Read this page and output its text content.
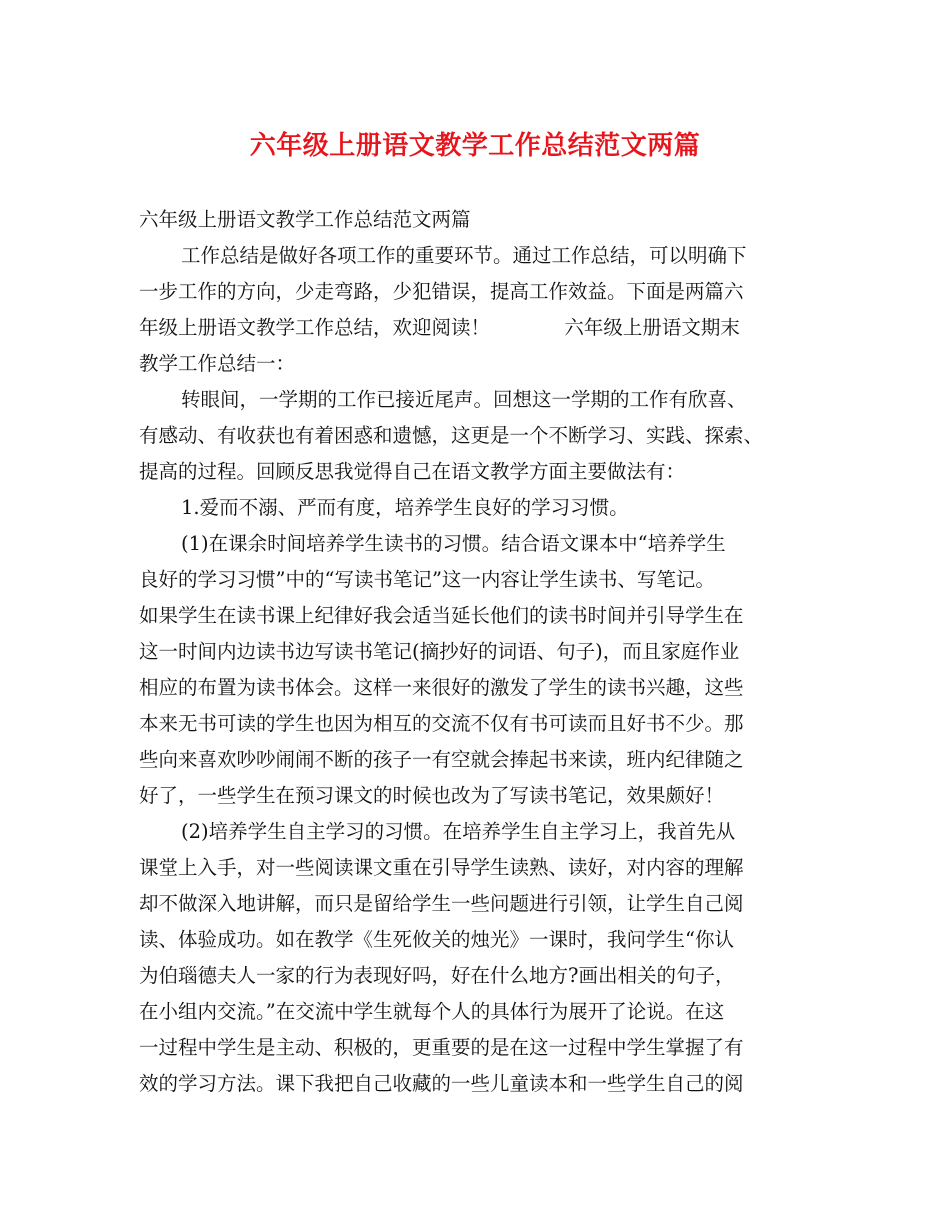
六年级上册语文教学工作总结范文两篇
六年级上册语文教学工作总结范文两篇
工作总结是做好各项工作的重要环节。通过工作总结，可以明确下
一步工作的方向，少走弯路，少犯错误，提高工作效益。下面是两篇六
年级上册语文教学工作总结，欢迎阅读！            六年级上册语文期末
教学工作总结一：
转眼间，一学期的工作已接近尾声。回想这一学期的工作有欣喜、
有感动、有收获也有着困惑和遗憾，这更是一个不断学习、实践、探索、
提高的过程。回顾反思我觉得自己在语文教学方面主要做法有：
1.爱而不溺、严而有度，培养学生良好的学习习惯。
(1)在课余时间培养学生读书的习惯。结合语文课本中“培养学生
良好的学习习惯”中的“写读书笔记”这一内容让学生读书、写笔记。
如果学生在读书课上纪律好我会适当延长他们的读书时间并引导学生在
这一时间内边读书边写读书笔记(摘抄好的词语、句子)，而且家庭作业
相应的布置为读书体会。这样一来很好的激发了学生的读书兴趣，这些
本来无书可读的学生也因为相互的交流不仅有书可读而且好书不少。那
些向来喜欢吵吵闹闹不断的孩子一有空就会捧起书来读，班内纪律随之
好了，一些学生在预习课文的时候也改为了写读书笔记，效果颇好！
(2)培养学生自主学习的习惯。在培养学生自主学习上，我首先从
课堂上入手，对一些阅读课文重在引导学生读熟、读好，对内容的理解
却不做深入地讲解，而只是留给学生一些问题进行引领，让学生自己阅
读、体验成功。如在教学《生死攸关的烛光》一课时，我问学生“你认
为伯瑙德夫人一家的行为表现好吗，好在什么地方?画出相关的句子，
在小组内交流。”在交流中学生就每个人的具体行为展开了论说。在这
一过程中学生是主动、积极的，更重要的是在这一过程中学生掌握了有
效的学习方法。课下我把自己收藏的一些儿童读本和一些学生自己的阅
